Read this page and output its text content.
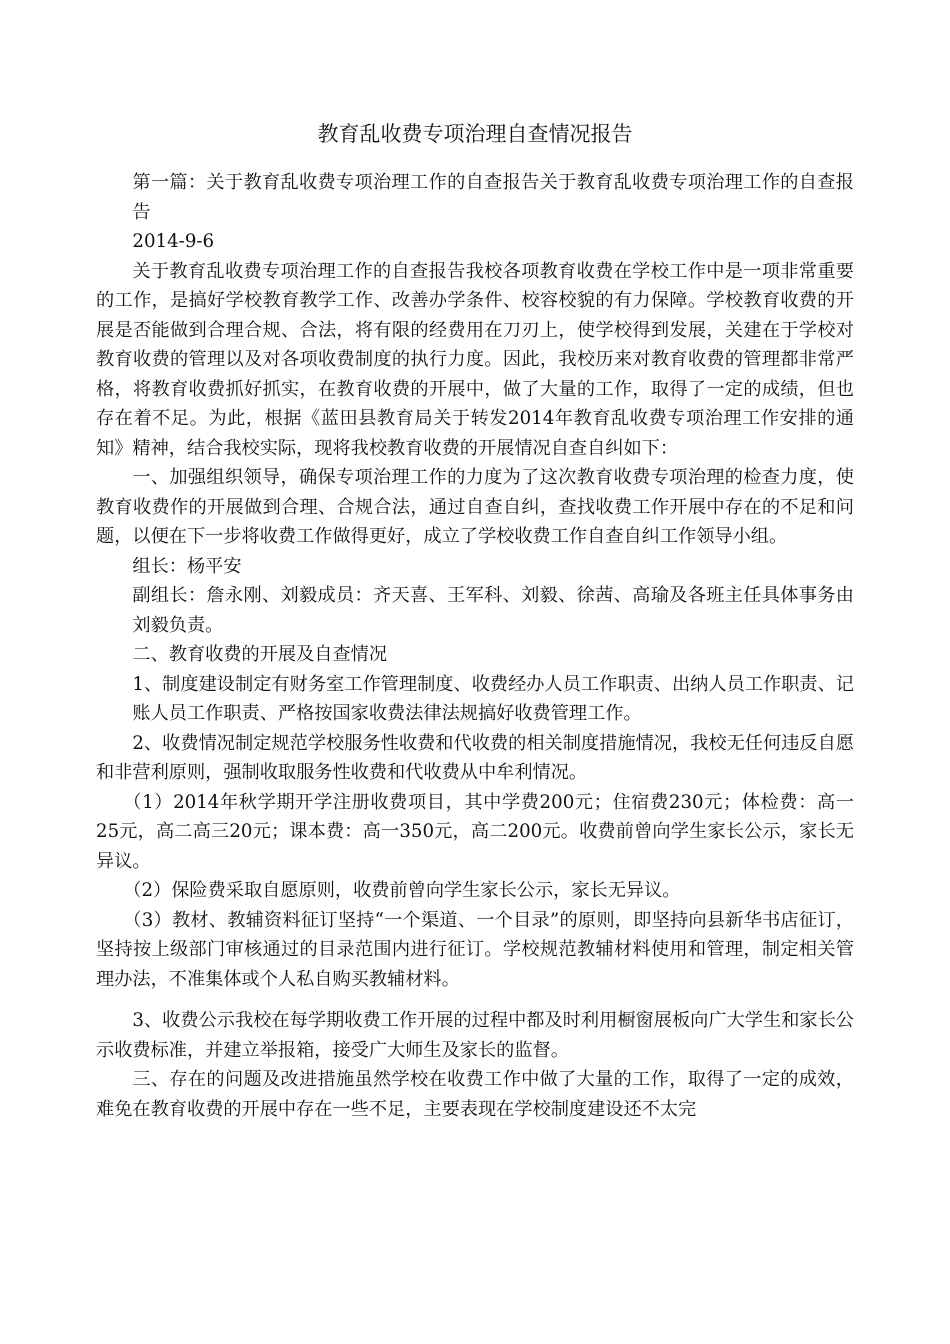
教育乱收费专项治理自查情况报告

第一篇：关于教育乱收费专项治理工作的自查报告关于教育乱收费专项治理工作的自查报告

2014-9-6

关于教育乱收费专项治理工作的自查报告我校各项教育收费在学校工作中是一项非常重要的工作，是搞好学校教育教学工作、改善办学条件、校容校貌的有力保障。学校教育收费的开展是否能做到合理合规、合法，将有限的经费用在刀刃上，使学校得到发展，关建在于学校对教育收费的管理以及对各项收费制度的执行力度。因此，我校历来对教育收费的管理都非常严格，将教育收费抓好抓实，在教育收费的开展中，做了大量的工作，取得了一定的成绩，但也存在着不足。为此，根据《蓝田县教育局关于转发2014年教育乱收费专项治理工作安排的通知》精神，结合我校实际，现将我校教育收费的开展情况自查自纠如下：

一、加强组织领导，确保专项治理工作的力度为了这次教育收费专项治理的检查力度，使教育收费作的开展做到合理、合规合法，通过自查自纠，查找收费工作开展中存在的不足和问题，以便在下一步将收费工作做得更好，成立了学校收费工作自查自纠工作领导小组。

组长：杨平安

副组长：詹永刚、刘毅成员：齐天喜、王军科、刘毅、徐茜、高瑜及各班主任具体事务由刘毅负责。

二、教育收费的开展及自查情况

1、制度建设制定有财务室工作管理制度、收费经办人员工作职责、出纳人员工作职责、记账人员工作职责、严格按国家收费法律法规搞好收费管理工作。

2、收费情况制定规范学校服务性收费和代收费的相关制度措施情况，我校无任何违反自愿和非营利原则，强制收取服务性收费和代收费从中牟利情况。

（1）2014年秋学期开学注册收费项目，其中学费200元；住宿费230元；体检费：高一25元，高二高三20元；课本费：高一350元，高二200元。收费前曾向学生家长公示，家长无异议。

（2）保险费采取自愿原则，收费前曾向学生家长公示，家长无异议。

（3）教材、教辅资料征订坚持“一个渠道、一个目录”的原则，即坚持向县新华书店征订，坚持按上级部门审核通过的目录范围内进行征订。学校规范教辅材料使用和管理，制定相关管理办法，不准集体或个人私自购买教辅材料。

3、收费公示我校在每学期收费工作开展的过程中都及时利用橱窗展板向广大学生和家长公示收费标准，并建立举报箱，接受广大师生及家长的监督。

三、存在的问题及改进措施虽然学校在收费工作中做了大量的工作，取得了一定的成效，难免在教育收费的开展中存在一些不足，主要表现在学校制度建设还不太完
